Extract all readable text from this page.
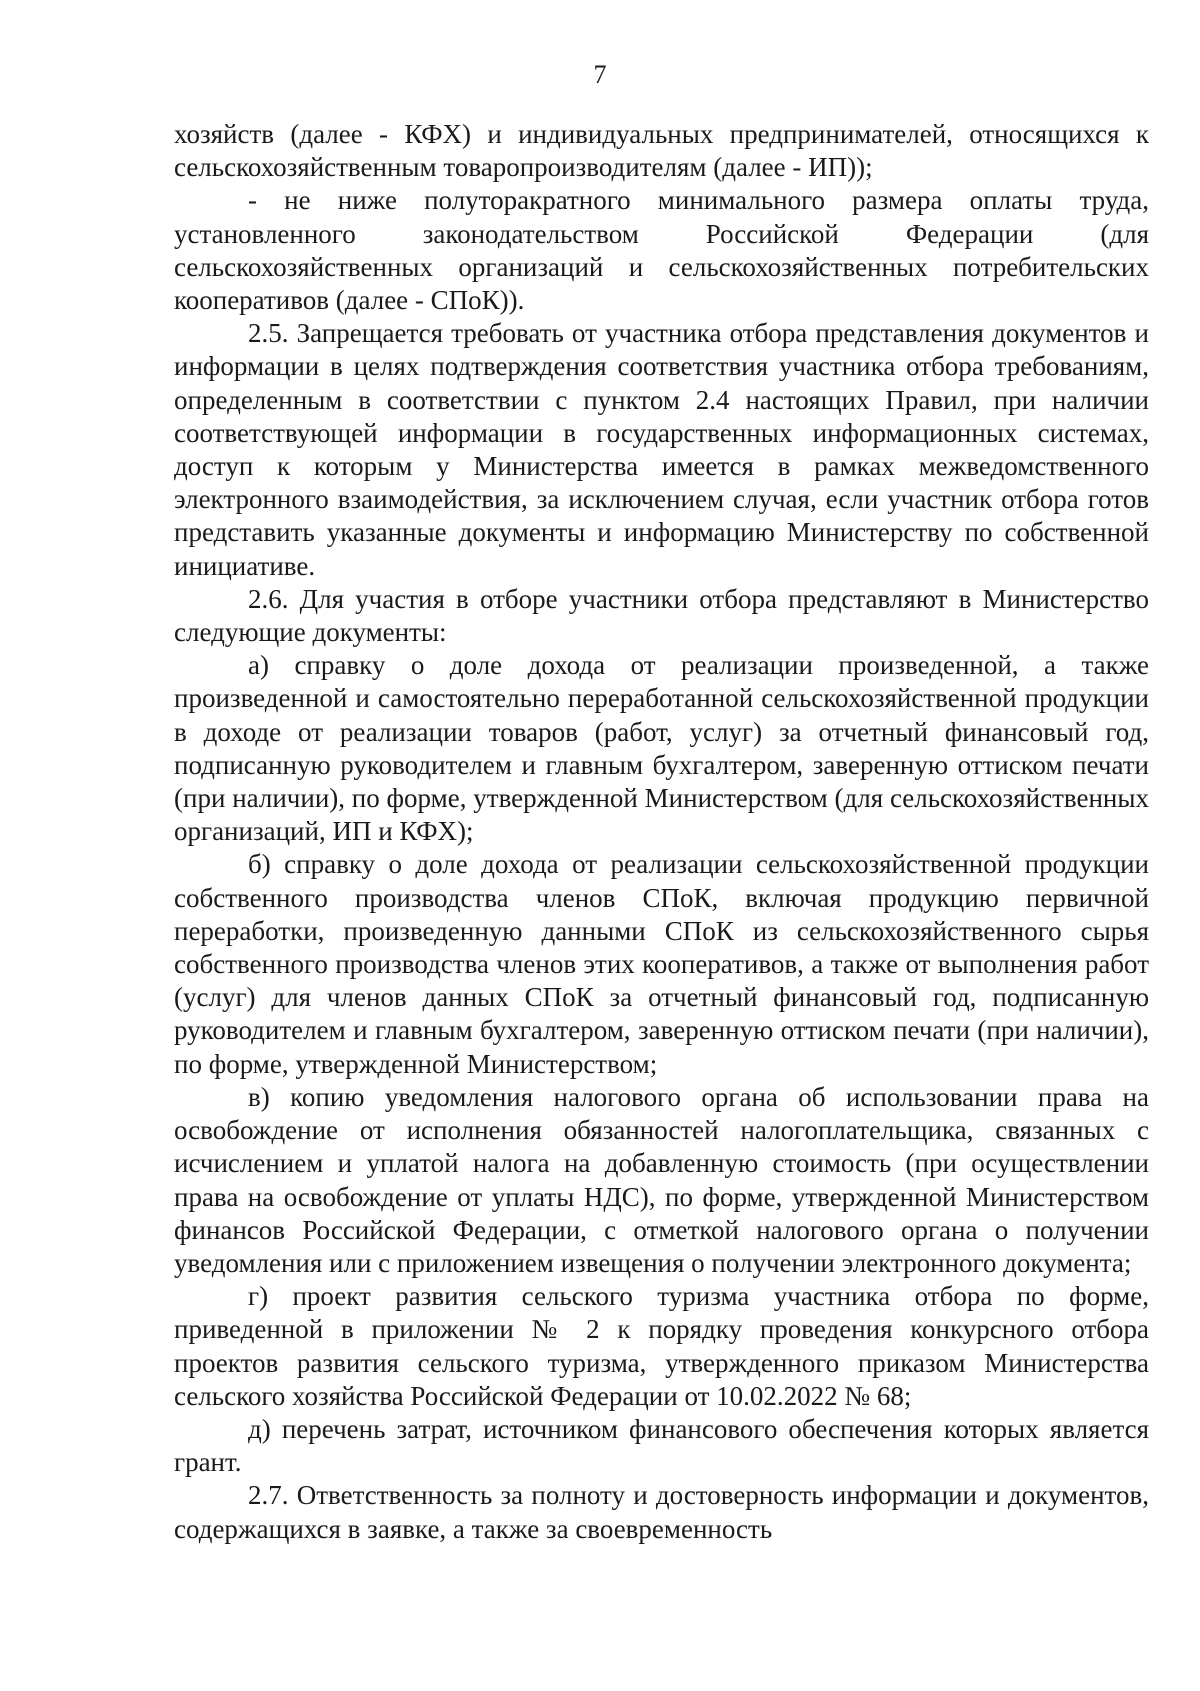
7

хозяйств (далее - КФХ) и индивидуальных предпринимателей, относящихся к сельскохозяйственным товаропроизводителям (далее - ИП));

- не ниже полуторакратного минимального размера оплаты труда, установленного законодательством Российской Федерации (для сельскохозяйственных организаций и сельскохозяйственных потребительских кооперативов (далее - СПоК)).

2.5. Запрещается требовать от участника отбора представления документов и информации в целях подтверждения соответствия участника отбора требованиям, определенным в соответствии с пунктом 2.4 настоящих Правил, при наличии соответствующей информации в государственных информационных системах, доступ к которым у Министерства имеется в рамках межведомственного электронного взаимодействия, за исключением случая, если участник отбора готов представить указанные документы и информацию Министерству по собственной инициативе.

2.6. Для участия в отборе участники отбора представляют в Министерство следующие документы:

а) справку о доле дохода от реализации произведенной, а также произведенной и самостоятельно переработанной сельскохозяйственной продукции в доходе от реализации товаров (работ, услуг) за отчетный финансовый год, подписанную руководителем и главным бухгалтером, заверенную оттиском печати (при наличии), по форме, утвержденной Министерством (для сельскохозяйственных организаций, ИП и КФХ);

б) справку о доле дохода от реализации сельскохозяйственной продукции собственного производства членов СПоК, включая продукцию первичной переработки, произведенную данными СПоК из сельскохозяйственного сырья собственного производства членов этих кооперативов, а также от выполнения работ (услуг) для членов данных СПоК за отчетный финансовый год, подписанную руководителем и главным бухгалтером, заверенную оттиском печати (при наличии), по форме, утвержденной Министерством;

в) копию уведомления налогового органа об использовании права на освобождение от исполнения обязанностей налогоплательщика, связанных с исчислением и уплатой налога на добавленную стоимость (при осуществлении права на освобождение от уплаты НДС), по форме, утвержденной Министерством финансов Российской Федерации, с отметкой налогового органа о получении уведомления или с приложением извещения о получении электронного документа;

г) проект развития сельского туризма участника отбора по форме, приведенной в приложении № 2 к порядку проведения конкурсного отбора проектов развития сельского туризма, утвержденного приказом Министерства сельского хозяйства Российской Федерации от 10.02.2022 № 68;

д) перечень затрат, источником финансового обеспечения которых является грант.

2.7. Ответственность за полноту и достоверность информации и документов, содержащихся в заявке, а также за своевременность
